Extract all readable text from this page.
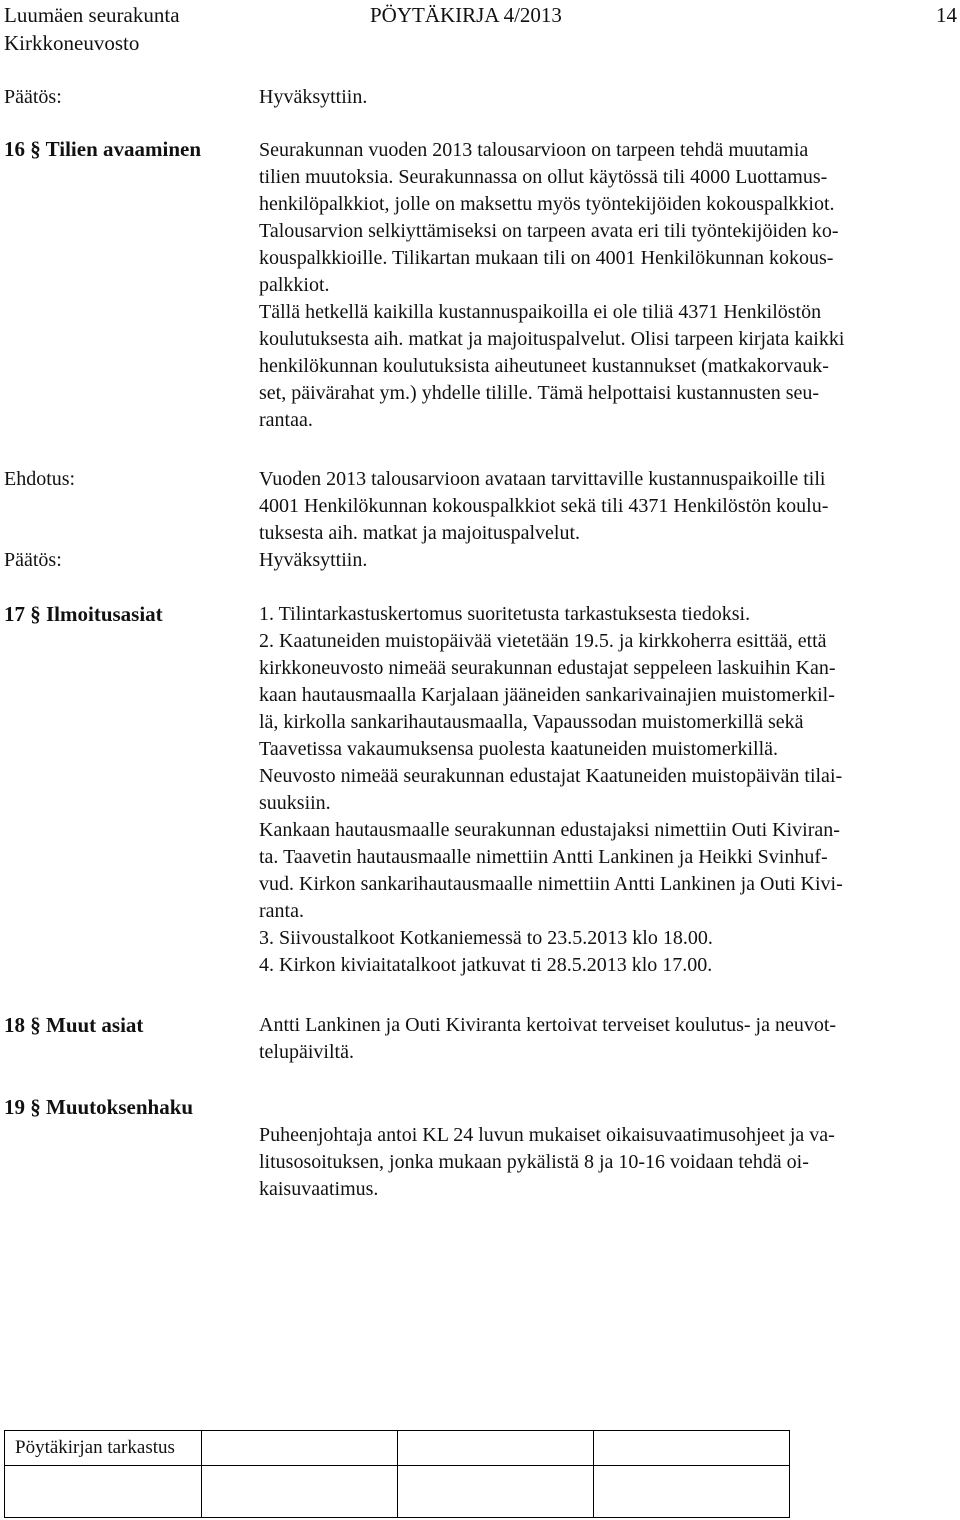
Luumäen seurakunta
Kirkkoneuvosto
PÖYTÄKIRJA 4/2013	14
Päätös:	Hyväksyttiin.
16 § Tilien avaaminen	Seurakunnan vuoden 2013 talousarvioon on tarpeen tehdä muutamia
tilien muutoksia. Seurakunnassa on ollut käytössä tili 4000 Luottamus-
henkilöpalkkiot, jolle on maksettu myös työntekijöiden kokouspalkkiot.
Talousarvion selkiyttämiseksi on tarpeen avata eri tili työntekijöiden ko-
kouspalkkioille. Tilikartan mukaan tili on 4001 Henkilökunnan kokous-
palkkiot.
Tällä hetkellä kaikilla kustannuspaikoilla ei ole tiliä 4371 Henkilöstön
koulutuksesta aih. matkat ja majoituspalvelut. Olisi tarpeen kirjata kaikki
henkilökunnan koulutuksista aiheutuneet kustannukset (matkakorvauk-
set, päivärahat ym.) yhdelle tilille. Tämä helpottaisi kustannusten seu-
rantaa.
Ehdotus:	Vuoden 2013 talousarvioon avataan tarvittaville kustannuspaikoille tili
4001 Henkilökunnan kokouspalkkiot sekä tili 4371 Henkilöstön koulu-
tuksesta aih. matkat ja majoituspalvelut.
Päätös:	Hyväksyttiin.
17 § Ilmoitusasiat	1. Tilintarkastuskertomus suoritetusta tarkastuksesta tiedoksi.
2. Kaatuneiden muistopäivää vietetään 19.5. ja kirkkoherra esittää, että
kirkkoneuvosto nimeää seurakunnan edustajat seppeleen laskuihin Kan-
kaan hautausmaalla Karjalaan jääneiden sankarivainajien muistomerkil-
lä, kirkolla sankarihautausmaalla, Vapaussodan muistomerkillä sekä
Taavetissa vakaumuksensa puolesta kaatuneiden muistomerkillä.
Neuvosto nimeää seurakunnan edustajat Kaatuneiden muistopäivän tilai-
suuksiin.
Kankaan hautausmaalle seurakunnan edustajaksi nimettiin Outi Kiviran-
ta. Taavetin hautausmaalle nimettiin Antti Lankinen ja Heikki Svinhuf-
vud. Kirkon sankarihautausmaalle nimettiin Antti Lankinen ja Outi Kivi-
ranta.
3. Siivoustalkoot Kotkaniemessä to 23.5.2013 klo 18.00.
4. Kirkon kiviaitatalkoot jatkuvat ti 28.5.2013 klo 17.00.
18 § Muut asiat	Antti Lankinen ja Outi Kiviranta kertoivat terveiset koulutus- ja neuvot-
telupäiviltä.
19 § Muutoksenhaku
Puheenjohtaja antoi KL 24 luvun mukaiset oikaisuvaatimusohjeet ja va-
litusosoituksen, jonka mukaan pykälistä 8 ja 10-16 voidaan tehdä oi-
kaisuvaatimus.
Pöytäkirjan tarkastus
